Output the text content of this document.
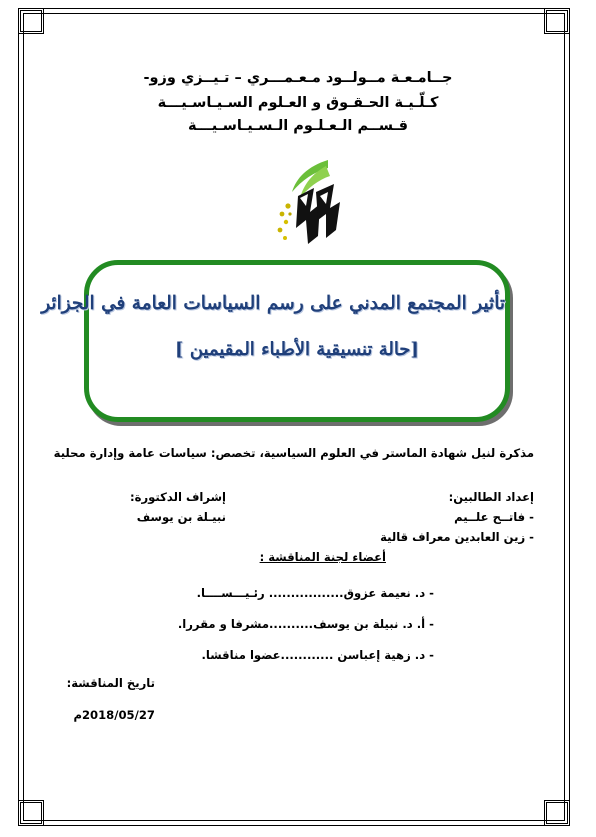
جــامـعـة مــولــود مـعـمـــري – تـيــزي وزو-
كـلّـيـة الحـقـوق و العـلوم السـيـاسـيـــة
قـســم الـعـلـوم الـسـيـاسـيـــة
تأثير المجتمع المدني على رسم السياسات العامة في الجزائر
[حالة تنسيقية الأطباء المقيمين ]
مذكرة لنيل شهادة الماستر في العلوم السياسية، تخصص: سياسات عامة وإدارة محلية
إعداد الطالبين:
- فاتــح علــيم
- زين العابدين معراف قالية
إشراف الدكتورة:
نبيـلة بن يوسف
أعضاء لجنة المناقشة :
- د. نعيمة عزوق................. رئـيـــســــا.
- أ. د. نبيلة بن يوسف..........مشرفا و مقررا.
- د. زهية إعباسن ............عضوا مناقشا.
تاريخ المناقشة:
2018/05/27م
